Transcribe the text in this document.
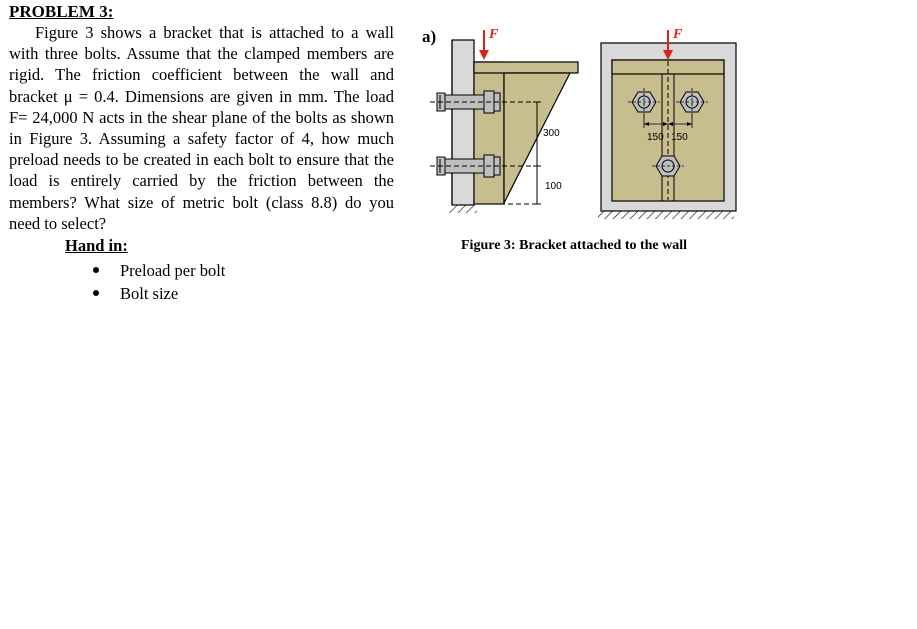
PROBLEM 3:

Figure 3 shows a bracket that is attached to a wall with three bolts. Assume that the clamped members are rigid. The friction coefficient between the wall and bracket μ = 0.4. Dimensions are given in mm. The load F= 24,000 N acts in the shear plane of the bolts as shown in Figure 3. Assuming a safety factor of 4, how much preload needs to be created in each bolt to ensure that the load is entirely carried by the friction between the members? What size of metric bolt (class 8.8) do you need to select?

Hand in:

Preload per bolt
Bolt size
a)
300
100
F
150 150
F
Figure 3: Bracket attached to the wall
